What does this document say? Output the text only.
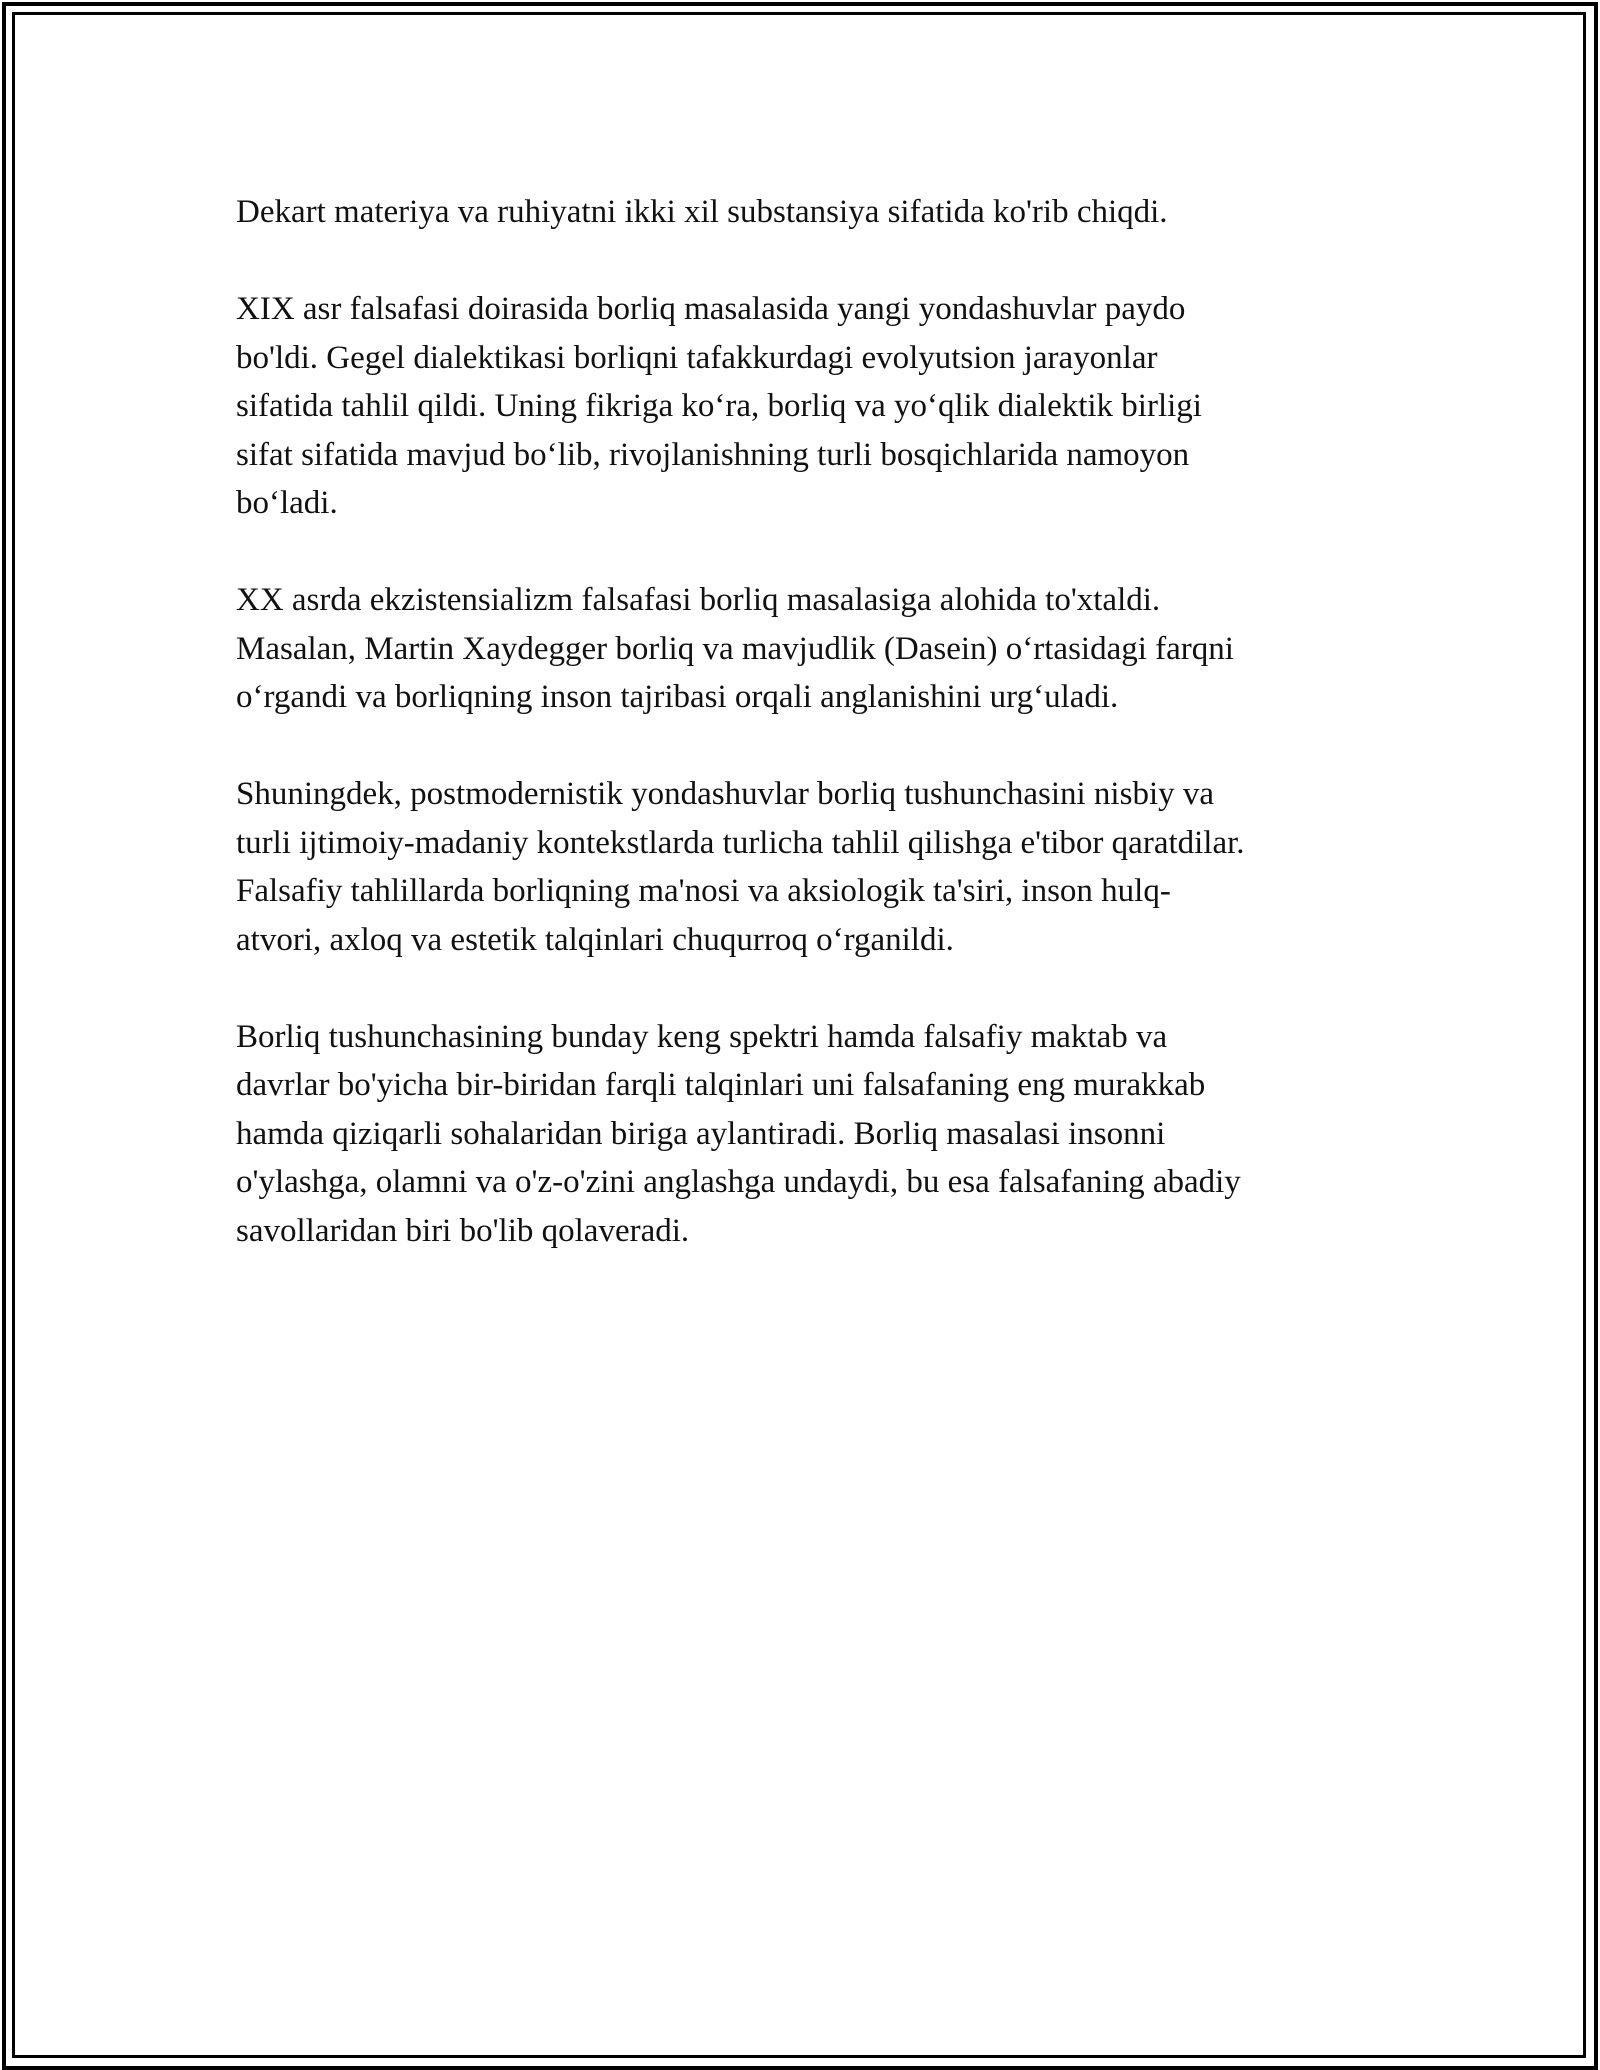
Dekart materiya va ruhiyatni ikki xil substansiya sifatida ko'rib chiqdi.

XIX asr falsafasi doirasida borliq masalasida yangi yondashuvlar paydo
bo'ldi. Gegel dialektikasi borliqni tafakkurdagi evolyutsion jarayonlar
sifatida tahlil qildi. Uning fikriga ko‘ra, borliq va yo‘qlik dialektik birligi
sifat sifatida mavjud bo‘lib, rivojlanishning turli bosqichlarida namoyon
bo‘ladi.

XX asrda ekzistensializm falsafasi borliq masalasiga alohida to'xtaldi.
Masalan, Martin Xaydegger borliq va mavjudlik (Dasein) o‘rtasidagi farqni
o‘rgandi va borliqning inson tajribasi orqali anglanishini urg‘uladi.

Shuningdek, postmodernistik yondashuvlar borliq tushunchasini nisbiy va
turli ijtimoiy-madaniy kontekstlarda turlicha tahlil qilishga e'tibor qaratdilar.
Falsafiy tahlillarda borliqning ma'nosi va aksiologik ta'siri, inson hulq-
atvori, axloq va estetik talqinlari chuqurroq o‘rganildi.

Borliq tushunchasining bunday keng spektri hamda falsafiy maktab va
davrlar bo'yicha bir-biridan farqli talqinlari uni falsafaning eng murakkab
hamda qiziqarli sohalaridan biriga aylantiradi. Borliq masalasi insonni
o'ylashga, olamni va o'z-o'zini anglashga undaydi, bu esa falsafaning abadiy
savollaridan biri bo'lib qolaveradi.
